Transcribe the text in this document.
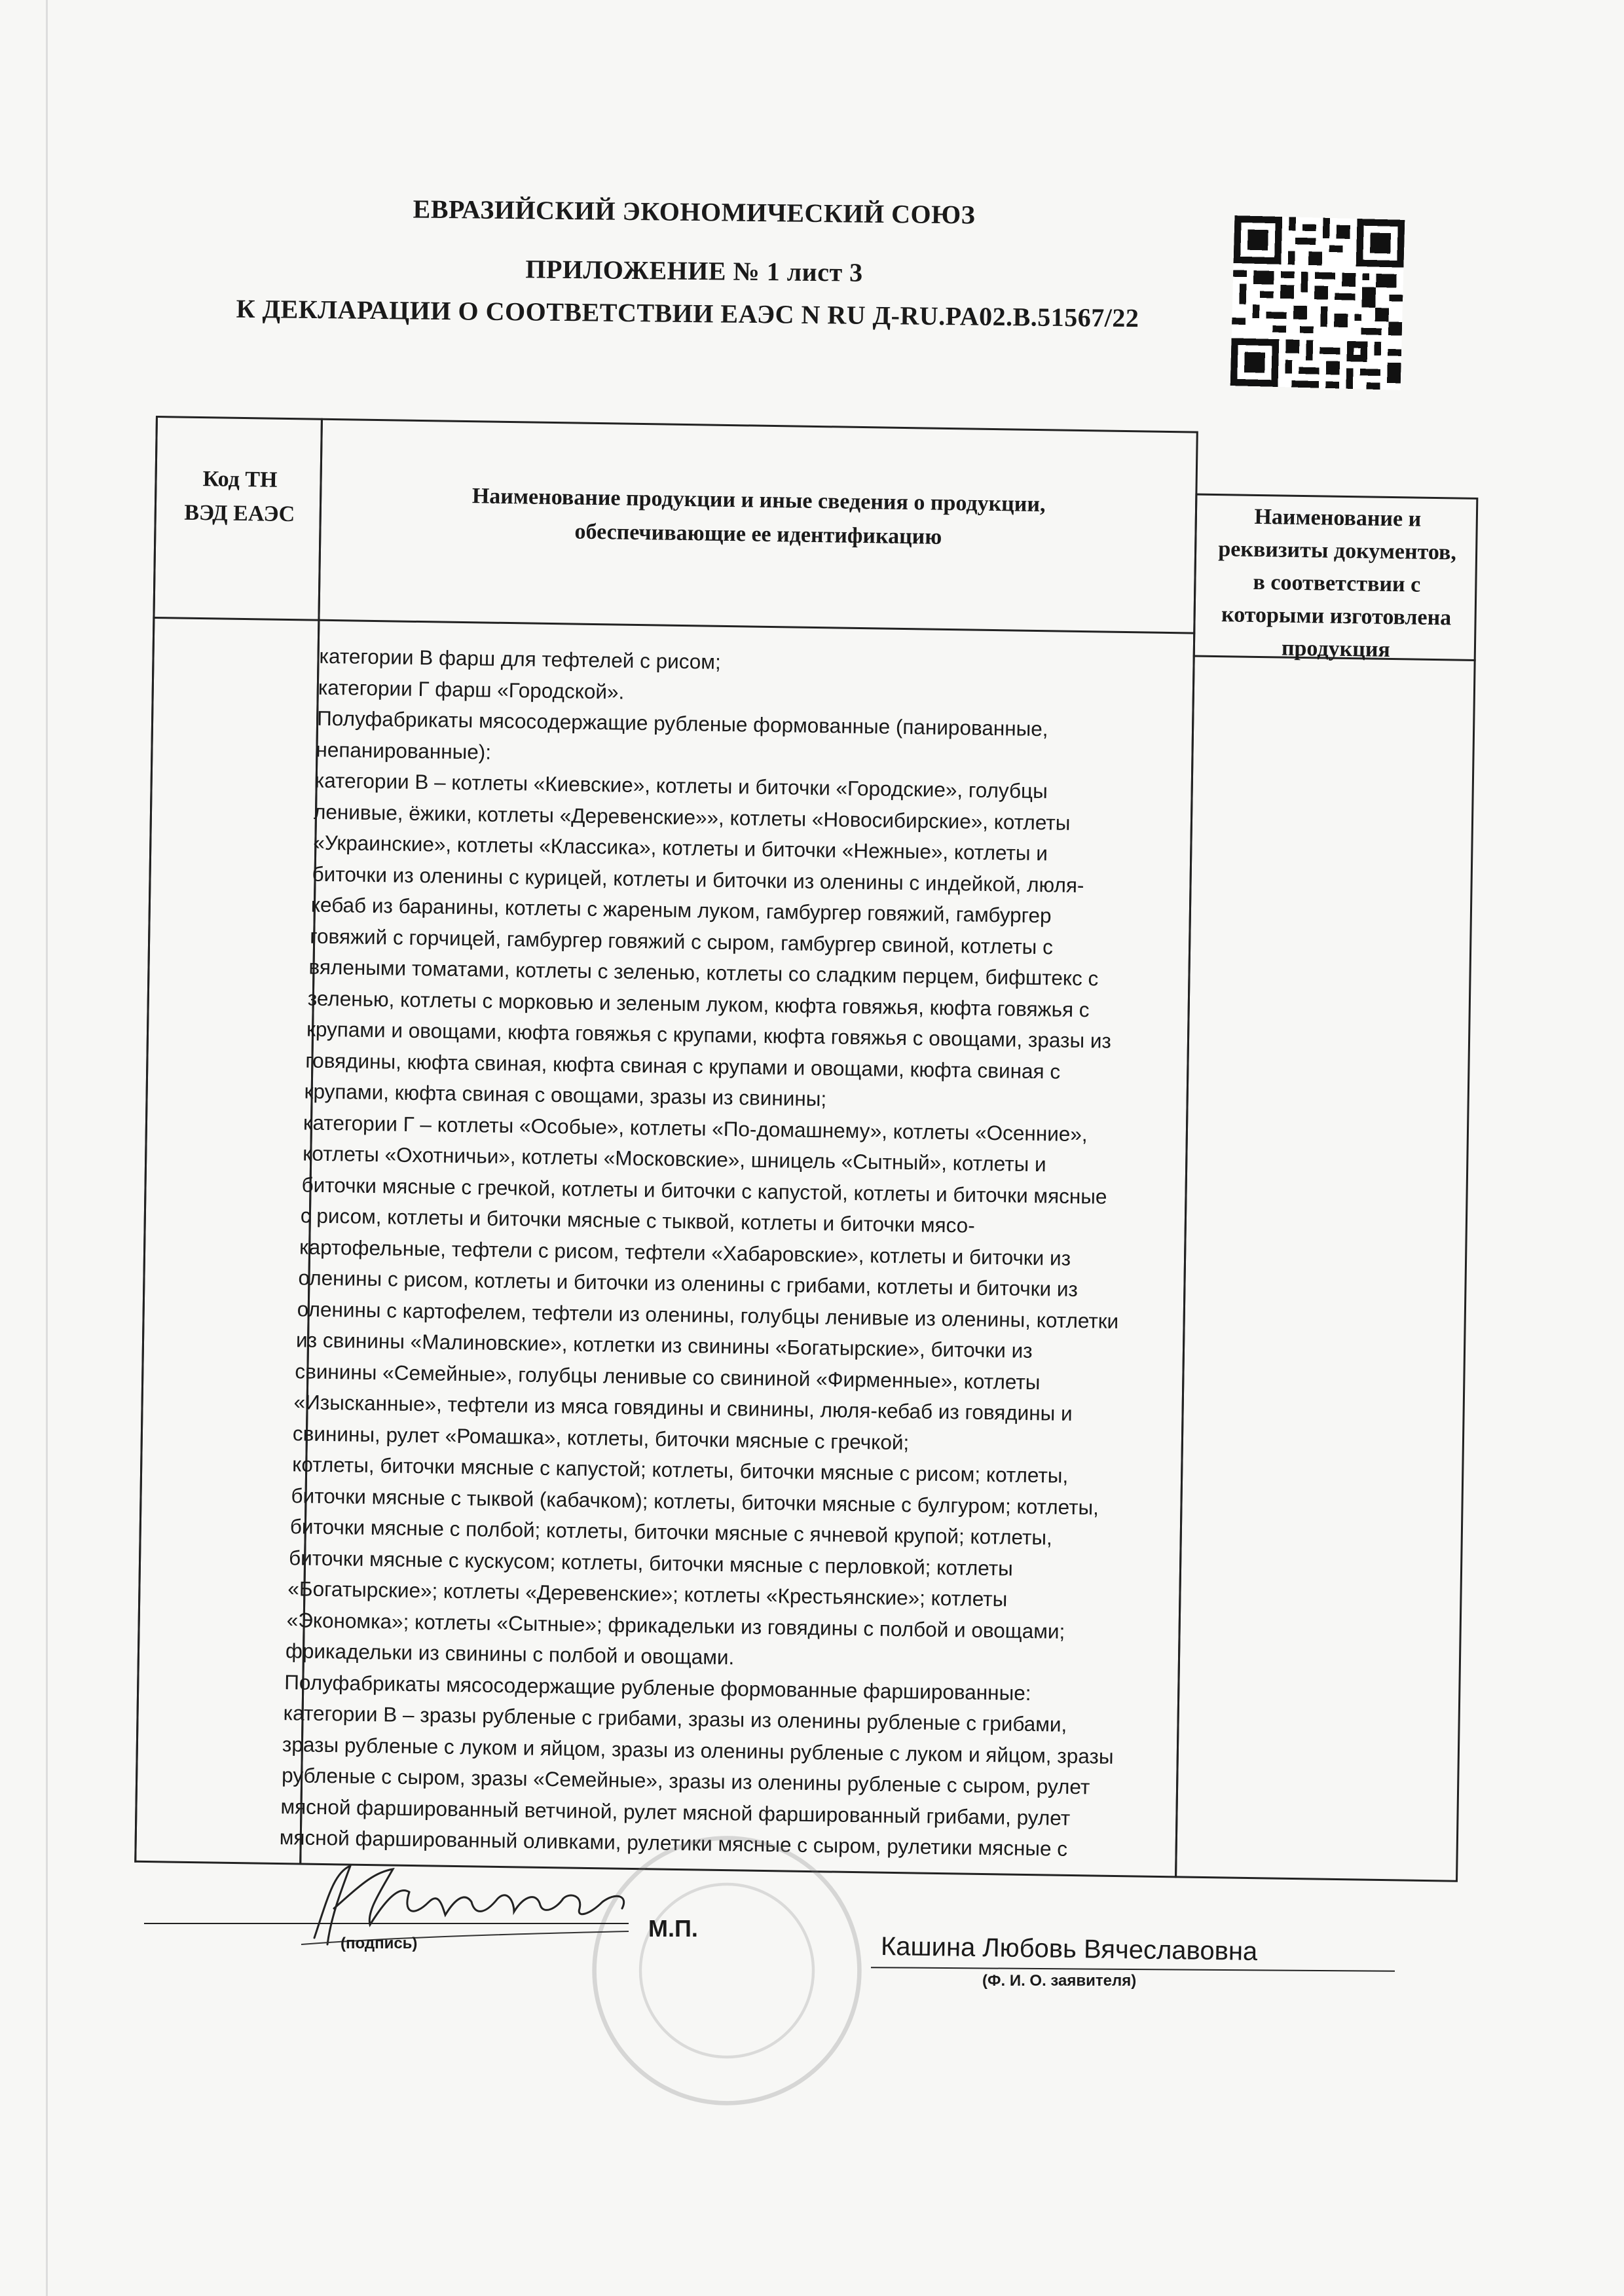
ЕВРАЗИЙСКИЙ ЭКОНОМИЧЕСКИЙ СОЮЗ
ПРИЛОЖЕНИЕ № 1 лист 3
К ДЕКЛАРАЦИИ О СООТВЕТСТВИИ ЕАЭС N RU Д-RU.PA02.B.51567/22
Код ТН
ВЭД ЕАЭС	Наименование продукции и иные сведения о продукции,
обеспечивающие ее идентификацию
Наименование и
реквизиты документов,
в соответствии с
которыми изготовлена
продукция
категории В фарш для тефтелей с рисом;
категории Г фарш «Городской».
Полуфабрикаты мясосодержащие рубленые формованные (панированные,
непанированные):
категории В – котлеты «Киевские», котлеты и биточки «Городские», голубцы
ленивые, ёжики, котлеты «Деревенские»», котлеты «Новосибирские», котлеты
«Украинские», котлеты «Классика», котлеты и биточки «Нежные», котлеты и
биточки из оленины с курицей, котлеты и биточки из оленины с индейкой, люля-
кебаб из баранины, котлеты с жареным луком, гамбургер говяжий, гамбургер
говяжий с горчицей, гамбургер говяжий с сыром, гамбургер свиной, котлеты с
вялеными томатами, котлеты с зеленью, котлеты со сладким перцем, бифштекс с
зеленью, котлеты с морковью и зеленым луком, кюфта говяжья, кюфта говяжья с
крупами и овощами, кюфта говяжья с крупами, кюфта говяжья с овощами, зразы из
говядины, кюфта свиная, кюфта свиная с крупами и овощами, кюфта свиная с
крупами, кюфта свиная с овощами, зразы из свинины;
категории Г – котлеты «Особые», котлеты «По-домашнему», котлеты «Осенние»,
котлеты «Охотничьи», котлеты «Московские», шницель «Сытный», котлеты и
биточки мясные с гречкой, котлеты и биточки с капустой, котлеты и биточки мясные
с рисом, котлеты и биточки мясные с тыквой, котлеты и биточки мясо-
картофельные, тефтели с рисом, тефтели «Хабаровские», котлеты и биточки из
оленины с рисом, котлеты и биточки из оленины с грибами, котлеты и биточки из
оленины с картофелем, тефтели из оленины, голубцы ленивые из оленины, котлетки
из свинины «Малиновские», котлетки из свинины «Богатырские», биточки из
свинины «Семейные», голубцы ленивые со свининой «Фирменные», котлеты
«Изысканные», тефтели из мяса говядины и свинины, люля-кебаб из говядины и
свинины, рулет «Ромашка», котлеты, биточки мясные с гречкой;
котлеты, биточки мясные с капустой; котлеты, биточки мясные с рисом; котлеты,
биточки мясные с тыквой (кабачком); котлеты, биточки мясные с булгуром; котлеты,
биточки мясные с полбой; котлеты, биточки мясные с ячневой крупой; котлеты,
биточки мясные с кускусом; котлеты, биточки мясные с перловкой; котлеты
«Богатырские»; котлеты «Деревенские»; котлеты «Крестьянские»; котлеты
«Экономка»; котлеты «Сытные»; фрикадельки из говядины с полбой и овощами;
фрикадельки из свинины с полбой и овощами.
Полуфабрикаты мясосодержащие рубленые формованные фаршированные:
категории В – зразы рубленые с грибами, зразы из оленины рубленые с грибами,
зразы рубленые с луком и яйцом, зразы из оленины рубленые с луком и яйцом, зразы
рубленые с сыром, зразы «Семейные», зразы из оленины рубленые с сыром, рулет
мясной фаршированный ветчиной, рулет мясной фаршированный грибами, рулет
мясной фаршированный оливками, рулетики мясные с сыром, рулетики мясные с
(подпись)
М.П.
Кашина Любовь Вячеславовна
(Ф. И. О. заявителя)
